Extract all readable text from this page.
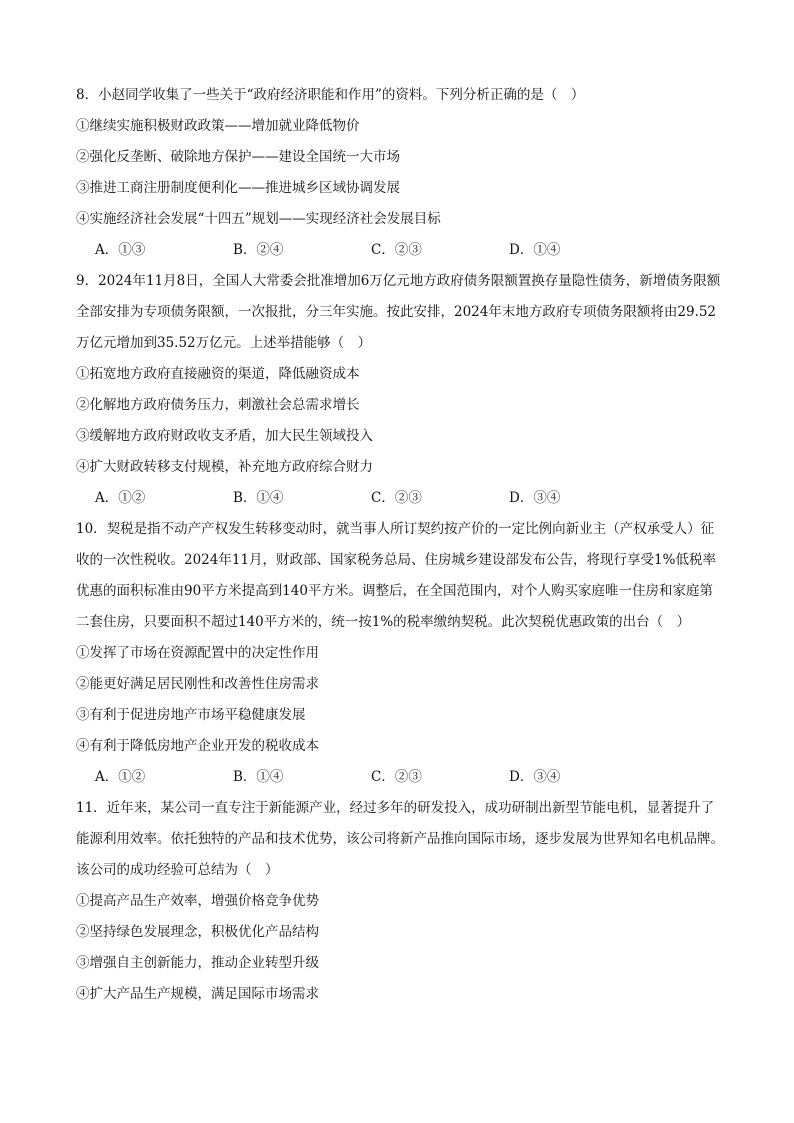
8．小赵同学收集了一些关于“政府经济职能和作用”的资料。下列分析正确的是（　）

①继续实施积极财政政策——增加就业降低物价

②强化反垄断、破除地方保护——建设全国统一大市场

③推进工商注册制度便利化——推进城乡区域协调发展

④实施经济社会发展“十四五”规划——实现经济社会发展目标

A．①③	B．②④	C．②③	D．①④

9．2024年11月8日，全国人大常委会批准增加6万亿元地方政府债务限额置换存量隐性债务，新增债务限额全部安排为专项债务限额，一次报批，分三年实施。按此安排，2024年末地方政府专项债务限额将由29.52万亿元增加到35.52万亿元。上述举措能够（　）

①拓宽地方政府直接融资的渠道，降低融资成本

②化解地方政府债务压力，刺激社会总需求增长

③缓解地方政府财政收支矛盾，加大民生领域投入

④扩大财政转移支付规模，补充地方政府综合财力

A．①②	B．①④	C．②③	D．③④

10．契税是指不动产产权发生转移变动时，就当事人所订契约按产价的一定比例向新业主（产权承受人）征收的一次性税收。2024年11月，财政部、国家税务总局、住房城乡建设部发布公告，将现行享受1%低税率优惠的面积标准由90平方米提高到140平方米。调整后，在全国范围内，对个人购买家庭唯一住房和家庭第二套住房，只要面积不超过140平方米的，统一按1%的税率缴纳契税。此次契税优惠政策的出台（　）

①发挥了市场在资源配置中的决定性作用

②能更好满足居民刚性和改善性住房需求

③有利于促进房地产市场平稳健康发展

④有利于降低房地产企业开发的税收成本

A．①②	B．①④	C．②③	D．③④

11．近年来，某公司一直专注于新能源产业，经过多年的研发投入，成功研制出新型节能电机，显著提升了能源利用效率。依托独特的产品和技术优势，该公司将新产品推向国际市场，逐步发展为世界知名电机品牌。该公司的成功经验可总结为（　）

①提高产品生产效率，增强价格竞争优势

②坚持绿色发展理念，积极优化产品结构

③增强自主创新能力，推动企业转型升级

④扩大产品生产规模，满足国际市场需求
